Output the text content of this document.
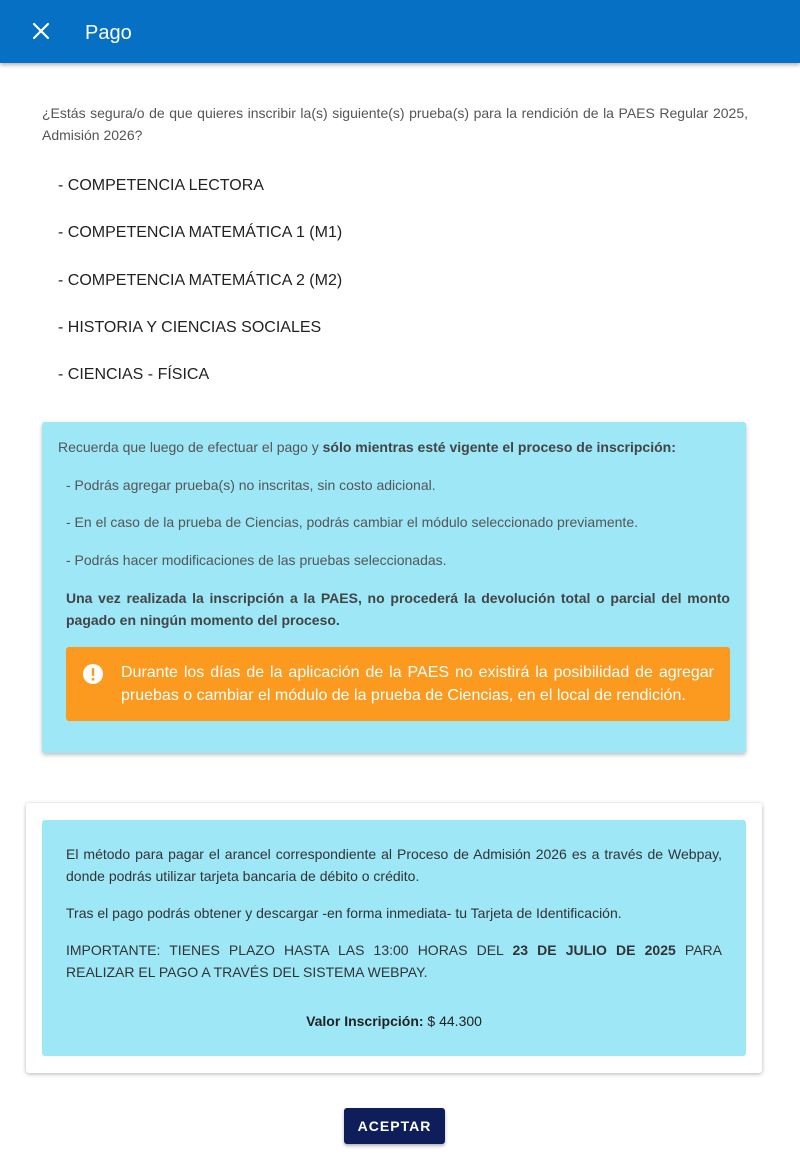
Pago

¿Estás segura/o de que quieres inscribir la(s) siguiente(s) prueba(s) para la rendición de la PAES Regular 2025, Admisión 2026?

- COMPETENCIA LECTORA
- COMPETENCIA MATEMÁTICA 1 (M1)
- COMPETENCIA MATEMÁTICA 2 (M2)
- HISTORIA Y CIENCIAS SOCIALES
- CIENCIAS - FÍSICA

Recuerda que luego de efectuar el pago y sólo mientras esté vigente el proceso de inscripción:

- Podrás agregar prueba(s) no inscritas, sin costo adicional.

- En el caso de la prueba de Ciencias, podrás cambiar el módulo seleccionado previamente.

- Podrás hacer modificaciones de las pruebas seleccionadas.

Una vez realizada la inscripción a la PAES, no procederá la devolución total o parcial del monto pagado en ningún momento del proceso.

Durante los días de la aplicación de la PAES no existirá la posibilidad de agregar pruebas o cambiar el módulo de la prueba de Ciencias, en el local de rendición.

El método para pagar el arancel correspondiente al Proceso de Admisión 2026 es a través de Webpay, donde podrás utilizar tarjeta bancaria de débito o crédito.

Tras el pago podrás obtener y descargar -en forma inmediata- tu Tarjeta de Identificación.

IMPORTANTE: TIENES PLAZO HASTA LAS 13:00 HORAS DEL 23 DE JULIO DE 2025 PARA REALIZAR EL PAGO A TRAVÉS DEL SISTEMA WEBPAY.

Valor Inscripción: $ 44.300

ACEPTAR
